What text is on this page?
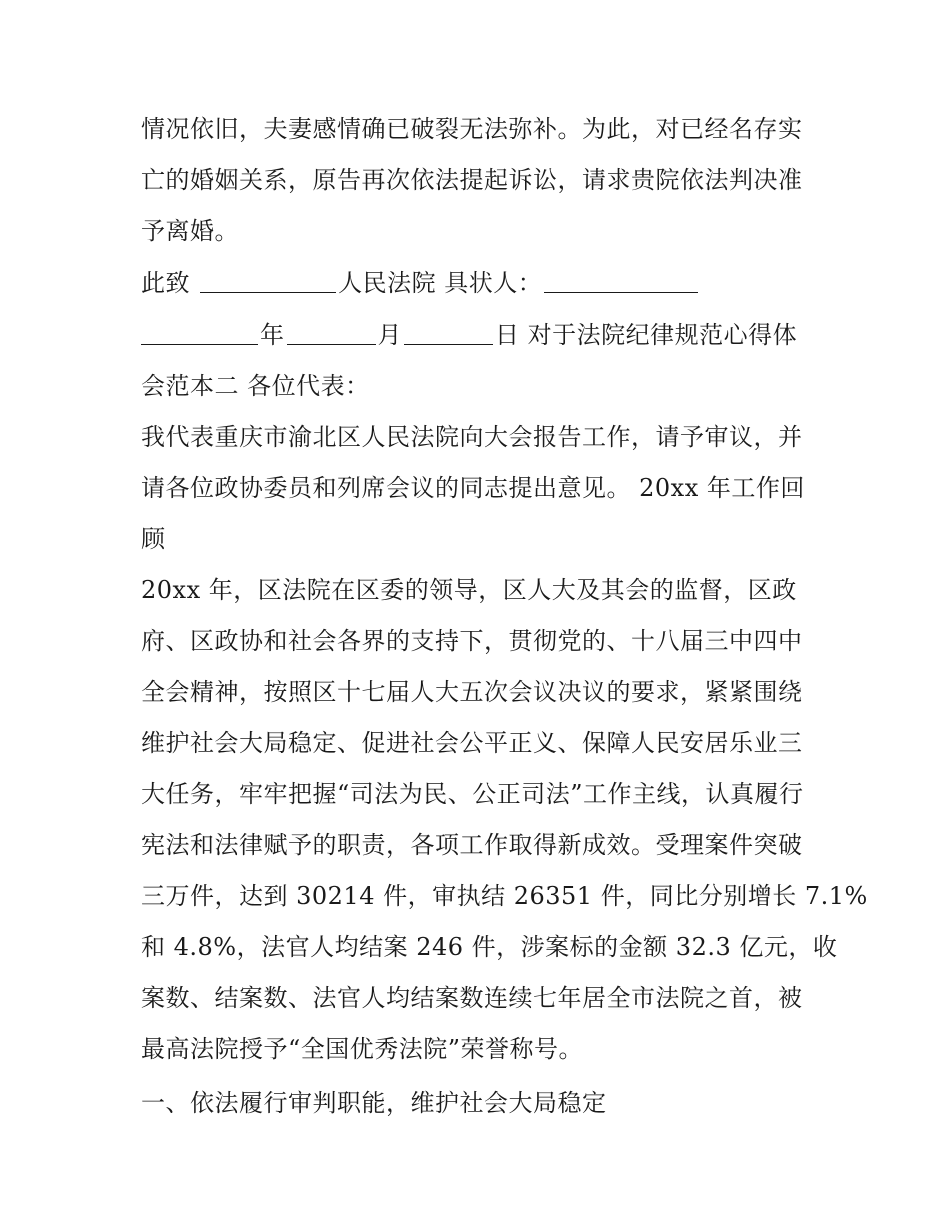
情况依旧，夫妻感情确已破裂无法弥补。为此，对已经名存实
亡的婚姻关系，原告再次依法提起诉讼，请求贵院依法判决准
予离婚。
此致	人民法院 具状人：
年	月	日 对于法院纪律规范心得体
会范本二 各位代表：
我代表重庆市渝北区人民法院向大会报告工作，请予审议，并
请各位政协委员和列席会议的同志提出意见。 20xx 年工作回
顾
20xx 年，区法院在区委的领导，区人大及其会的监督，区政
府、区政协和社会各界的支持下，贯彻党的、十八届三中四中
全会精神，按照区十七届人大五次会议决议的要求，紧紧围绕
维护社会大局稳定、促进社会公平正义、保障人民安居乐业三
大任务，牢牢把握“司法为民、公正司法”工作主线，认真履行
宪法和法律赋予的职责，各项工作取得新成效。受理案件突破
三万件，达到 30214 件，审执结 26351 件，同比分别增长 7.1%
和 4.8%，法官人均结案 246 件，涉案标的金额 32.3 亿元，收
案数、结案数、法官人均结案数连续七年居全市法院之首，被
最高法院授予“全国优秀法院”荣誉称号。
一、依法履行审判职能，维护社会大局稳定
